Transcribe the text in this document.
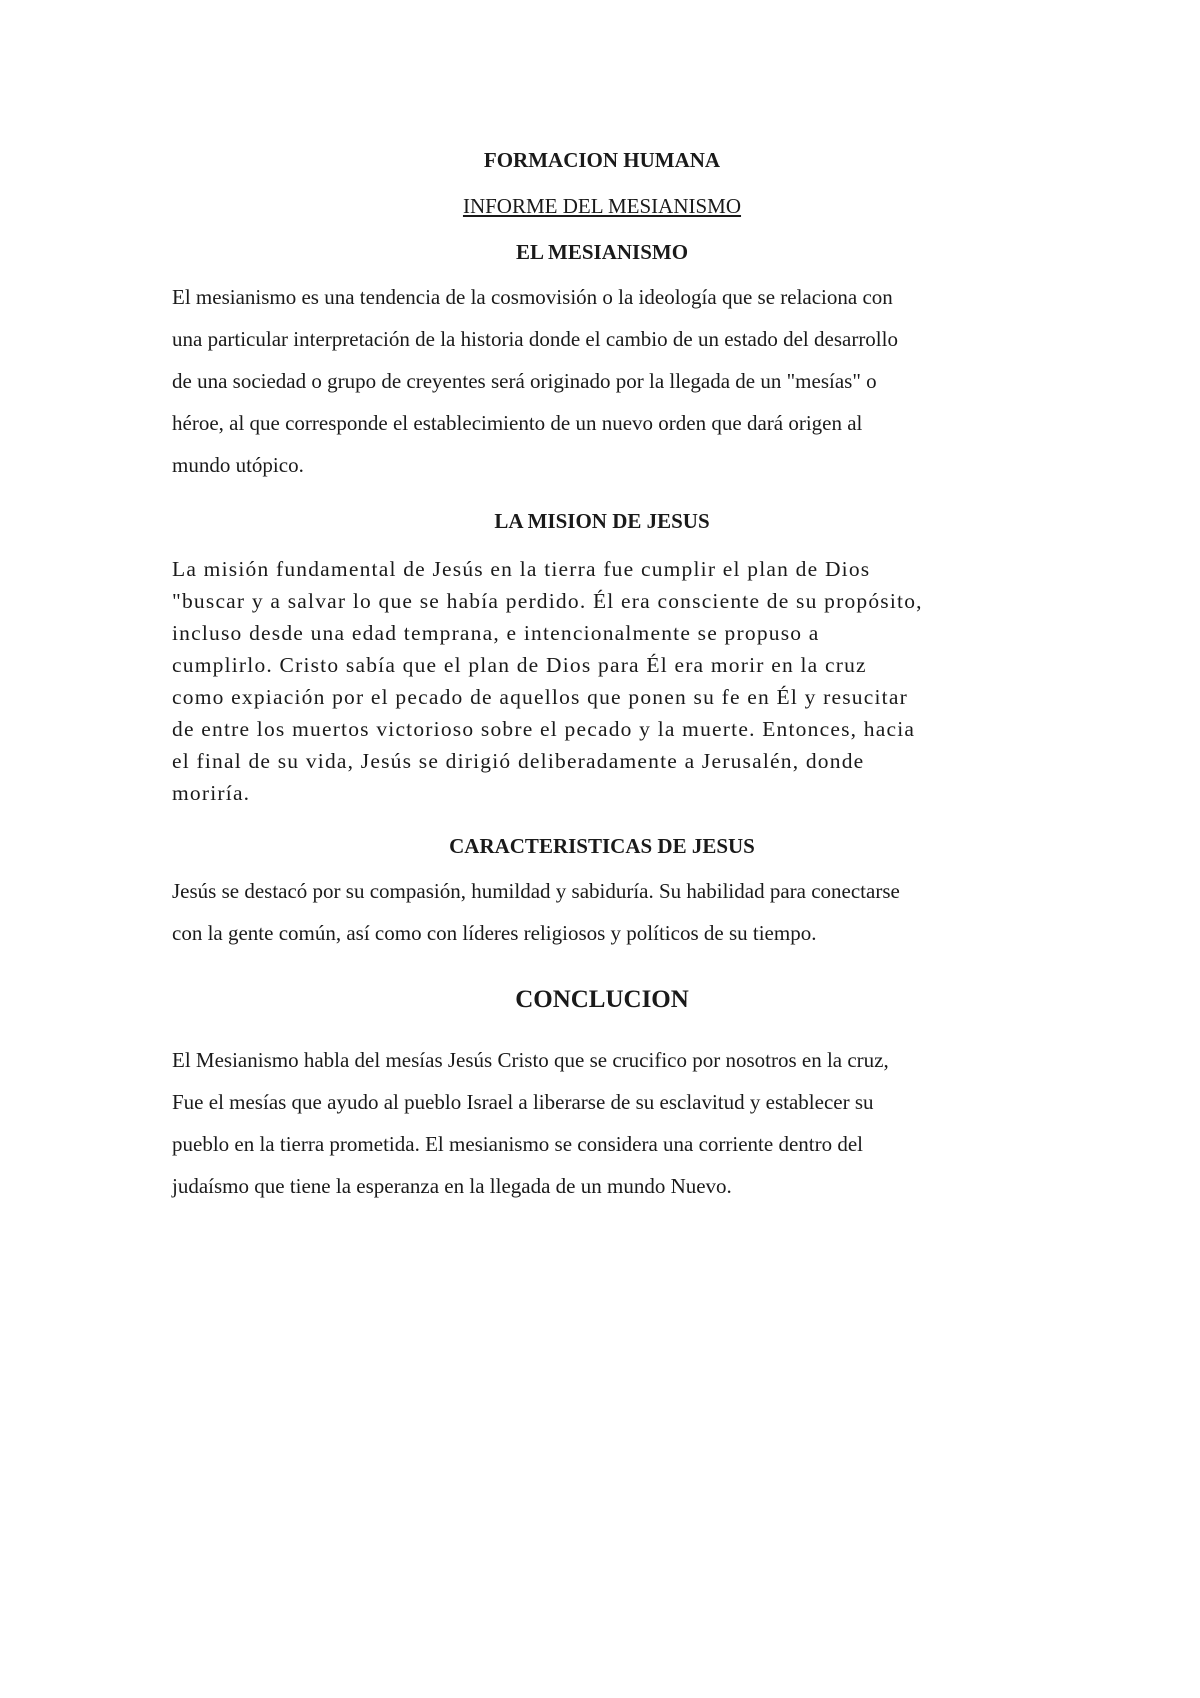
FORMACION HUMANA
INFORME DEL MESIANISMO
EL MESIANISMO

El mesianismo es una tendencia de la cosmovisión o la ideología que se relaciona con

una particular interpretación de la historia donde el cambio de un estado del desarrollo

de una sociedad o grupo de creyentes será originado por la llegada de un "mesías" o

héroe, al que corresponde el establecimiento de un nuevo orden que dará origen al

mundo utópico.

LA MISION DE JESUS

La misión fundamental de Jesús en la tierra fue cumplir el plan de Dios

"buscar y a salvar lo que se había perdido. Él era consciente de su propósito,

incluso desde una edad temprana, e intencionalmente se propuso a

cumplirlo. Cristo sabía que el plan de Dios para Él era morir en la cruz

como expiación por el pecado de aquellos que ponen su fe en Él y resucitar

de entre los muertos victorioso sobre el pecado y la muerte. Entonces, hacia

el final de su vida, Jesús se dirigió deliberadamente a Jerusalén, donde

moriría.

CARACTERISTICAS DE JESUS

Jesús se destacó por su compasión, humildad y sabiduría. Su habilidad para conectarse

con la gente común, así como con líderes religiosos y políticos de su tiempo.

CONCLUCION

El Mesianismo habla del mesías Jesús Cristo que se crucifico por nosotros en la cruz,

Fue el mesías que ayudo al pueblo Israel a liberarse de su esclavitud y establecer su

pueblo en la tierra prometida. El mesianismo se considera una corriente dentro del

judaísmo que tiene la esperanza en la llegada de un mundo Nuevo.
